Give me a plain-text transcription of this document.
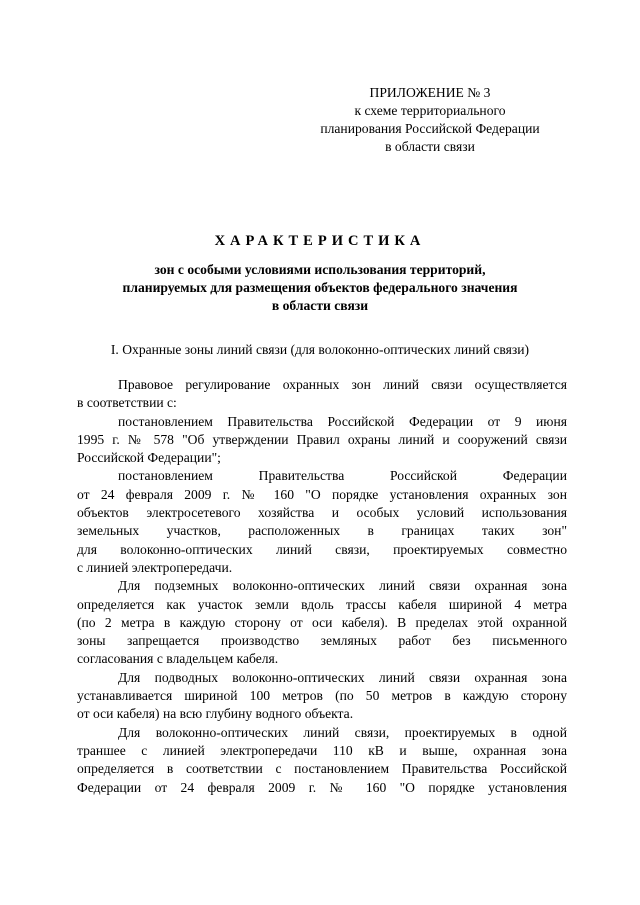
ПРИЛОЖЕНИЕ № 3
к схеме территориального
планирования Российской Федерации
в области связи
ХАРАКТЕРИСТИКА
зон с особыми условиями использования территорий,
планируемых для размещения объектов федерального значения
в области связи
I. Охранные зоны линий связи (для волоконно-оптических линий связи)

Правовое регулирование охранных зон линий связи осуществляется

в соответствии с:

постановлением Правительства Российской Федерации от 9 июня

1995 г. № 578 "Об утверждении Правил охраны линий и сооружений связи

Российской Федерации";

постановлением Правительства Российской Федерации

от 24 февраля 2009 г. № 160 "О порядке установления охранных зон

объектов электросетевого хозяйства и особых условий использования

земельных участков, расположенных в границах таких зон"

для волоконно-оптических линий связи, проектируемых совместно

с линией электропередачи.

Для подземных волоконно-оптических линий связи охранная зона

определяется как участок земли вдоль трассы кабеля шириной 4 метра

(по 2 метра в каждую сторону от оси кабеля). В пределах этой охранной

зоны запрещается производство земляных работ без письменного

согласования с владельцем кабеля.

Для подводных волоконно-оптических линий связи охранная зона

устанавливается шириной 100 метров (по 50 метров в каждую сторону

от оси кабеля) на всю глубину водного объекта.

Для волоконно-оптических линий связи, проектируемых в одной

траншее с линией электропередачи 110 кВ и выше, охранная зона

определяется в соответствии с постановлением Правительства Российской

Федерации от 24 февраля 2009 г. № 160 "О порядке установления
